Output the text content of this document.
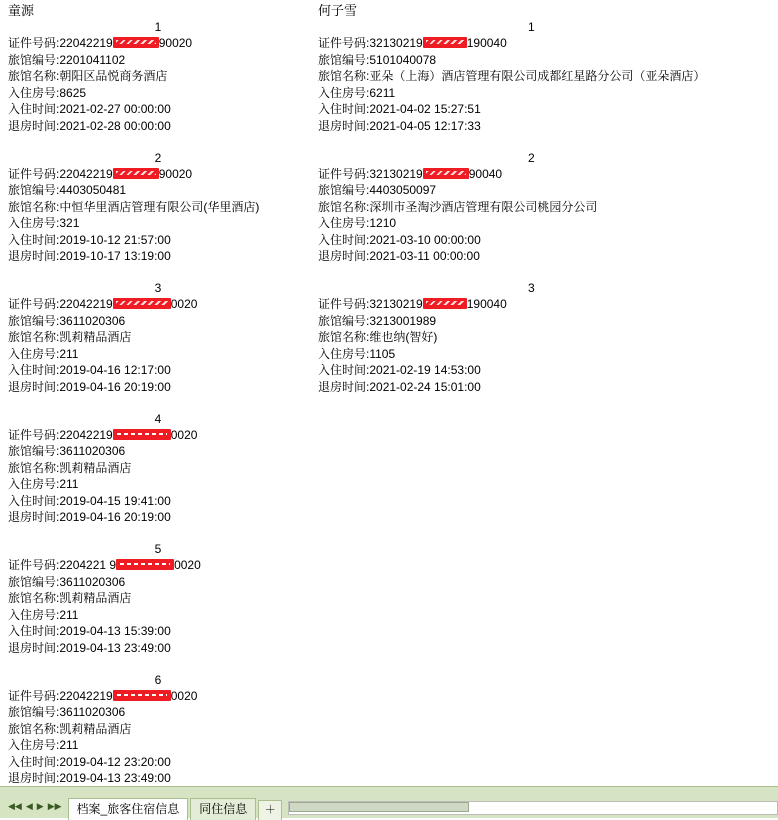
童源
1
证件号码:22042219	90020
旅馆编号:2201041102
旅馆名称:朝阳区品悦商务酒店
入住房号:8625
入住时间:2021-02-27 00:00:00
退房时间:2021-02-28 00:00:00
2
证件号码:22042219	90020
旅馆编号:4403050481
旅馆名称:中恒华里酒店管理有限公司(华里酒店)
入住房号:321
入住时间:2019-10-12 21:57:00
退房时间:2019-10-17 13:19:00
3
证件号码:22042219	0020
旅馆编号:3611020306
旅馆名称:凯莉精品酒店
入住房号:211
入住时间:2019-04-16 12:17:00
退房时间:2019-04-16 20:19:00
4
证件号码:22042219	0020
旅馆编号:3611020306
旅馆名称:凯莉精品酒店
入住房号:211
入住时间:2019-04-15 19:41:00
退房时间:2019-04-16 20:19:00
5
证件号码:2204221 9	0020
旅馆编号:3611020306
旅馆名称:凯莉精品酒店
入住房号:211
入住时间:2019-04-13 15:39:00
退房时间:2019-04-13 23:49:00
6
证件号码:22042219	0020
旅馆编号:3611020306
旅馆名称:凯莉精品酒店
入住房号:211
入住时间:2019-04-12 23:20:00
退房时间:2019-04-13 23:49:00
何子雪
1
证件号码:32130219	190040
旅馆编号:5101040078
旅馆名称:亚朵（上海）酒店管理有限公司成都红星路分公司（亚朵酒店）
入住房号:6211
入住时间:2021-04-02 15:27:51
退房时间:2021-04-05 12:17:33
2
证件号码:32130219	90040
旅馆编号:4403050097
旅馆名称:深圳市圣淘沙酒店管理有限公司桃园分公司
入住房号:1210
入住时间:2021-03-10 00:00:00
退房时间:2021-03-11 00:00:00
3
证件号码:32130219	190040
旅馆编号:3213001989
旅馆名称:维也纳(智好)
入住房号:1105
入住时间:2021-02-19 14:53:00
退房时间:2021-02-24 15:01:00
◀◀ ◀ ▶ ▶▶	档案_旅客住宿信息	同住信息	＋
